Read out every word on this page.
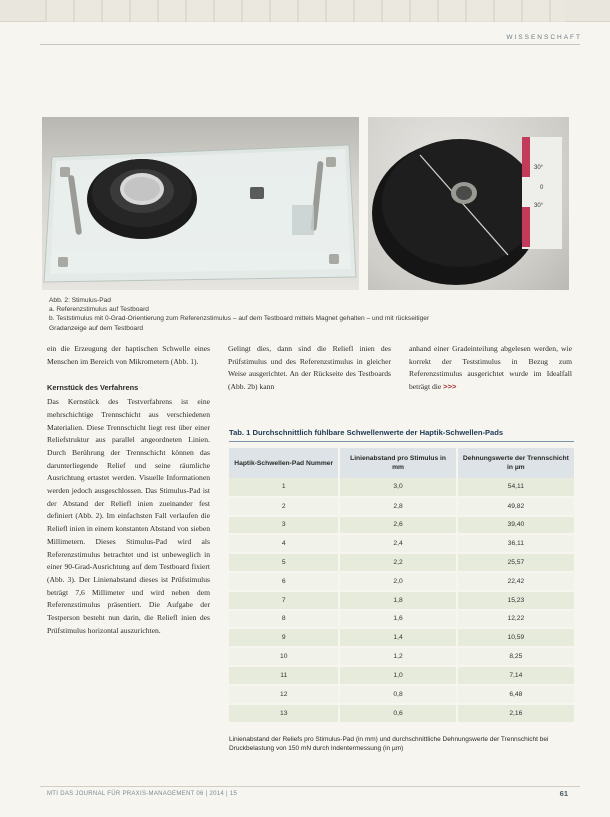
WISSENSCHAFT
30°
0
30°
Abb. 2: Stimulus-Pad
a. Referenzstimulus auf Testboard
b. Teststimulus mit 0-Grad-Orientierung zum Referenzstimulus – auf dem Testboard mittels Magnet gehalten – und mit rückseitiger
Gradanzeige auf dem Testboard

ein die Erzeugung der haptischen Schwelle eines Menschen im Bereich von Mikrometern (Abb. 1).

Kernstück des Verfahrens

Das Kernstück des Testverfahrens ist eine mehrschichtige Trennschicht aus verschiedenen Materialien. Diese Trennschicht liegt rest über einer Reliefstruktur aus parallel angeordneten Linien. Durch Berührung der Trennschicht können das darunterliegende Relief und seine räumliche Ausrichtung ertastet werden. Visuelle Informationen werden jedoch ausgeschlossen. Das Stimulus-Pad ist der Abstand der Reliefl inien zueinander fest definiert (Abb. 2). Im einfachsten Fall verlaufen die Reliefl inien in einem konstanten Abstand von sieben Millimetern. Dieses Stimulus-Pad wird als Referenzstimulus betrachtet und ist unbeweglich in einer 90-Grad-Ausrichtung auf dem Testboard fixiert (Abb. 3). Der Linienabstand dieses ist Prüfstimulus beträgt 7,6 Millimeter und wird neben dem Referenzstimulus präsentiert. Die Aufgabe der Testperson besteht nun darin, die Reliefl inien des Prüfstimulus horizontal auszurichten.

Gelingt dies, dann sind die Reliefl inien des Prüfstimulus und des Referenzstimulus in gleicher Weise ausgerichtet. An der Rückseite des Testboards (Abb. 2b) kann

anhand einer Gradeinteilung abgelesen werden, wie korrekt der Teststimulus in Bezug zum Referenzstimulus ausgerichtet wurde im Idealfall beträgt die >>>

Tab. 1 Durchschnittlich fühlbare Schwellenwerte der Haptik-Schwellen-Pads
Haptik-Schwellen-Pad Nummer	Linienabstand pro Stimulus in mm	Dehnungswerte der Trennschicht in µm
1	3,0	54,11
2	2,8	49,82
3	2,6	39,40
4	2,4	36,11
5	2,2	25,57
6	2,0	22,42
7	1,8	15,23
8	1,6	12,22
9	1,4	10,59
10	1,2	8,25
11	1,0	7,14
12	0,8	6,48
13	0,6	2,16
Linienabstand der Reliefs pro Stimulus-Pad (in mm) und durchschnittliche Dehnungswerte der Trennschicht bei Druckbelastung von 150 mN durch Indentermessung (in µm)
MTI DAS JOURNAL FÜR PRAXIS-MANAGEMENT 06 | 2014 | 15	61
